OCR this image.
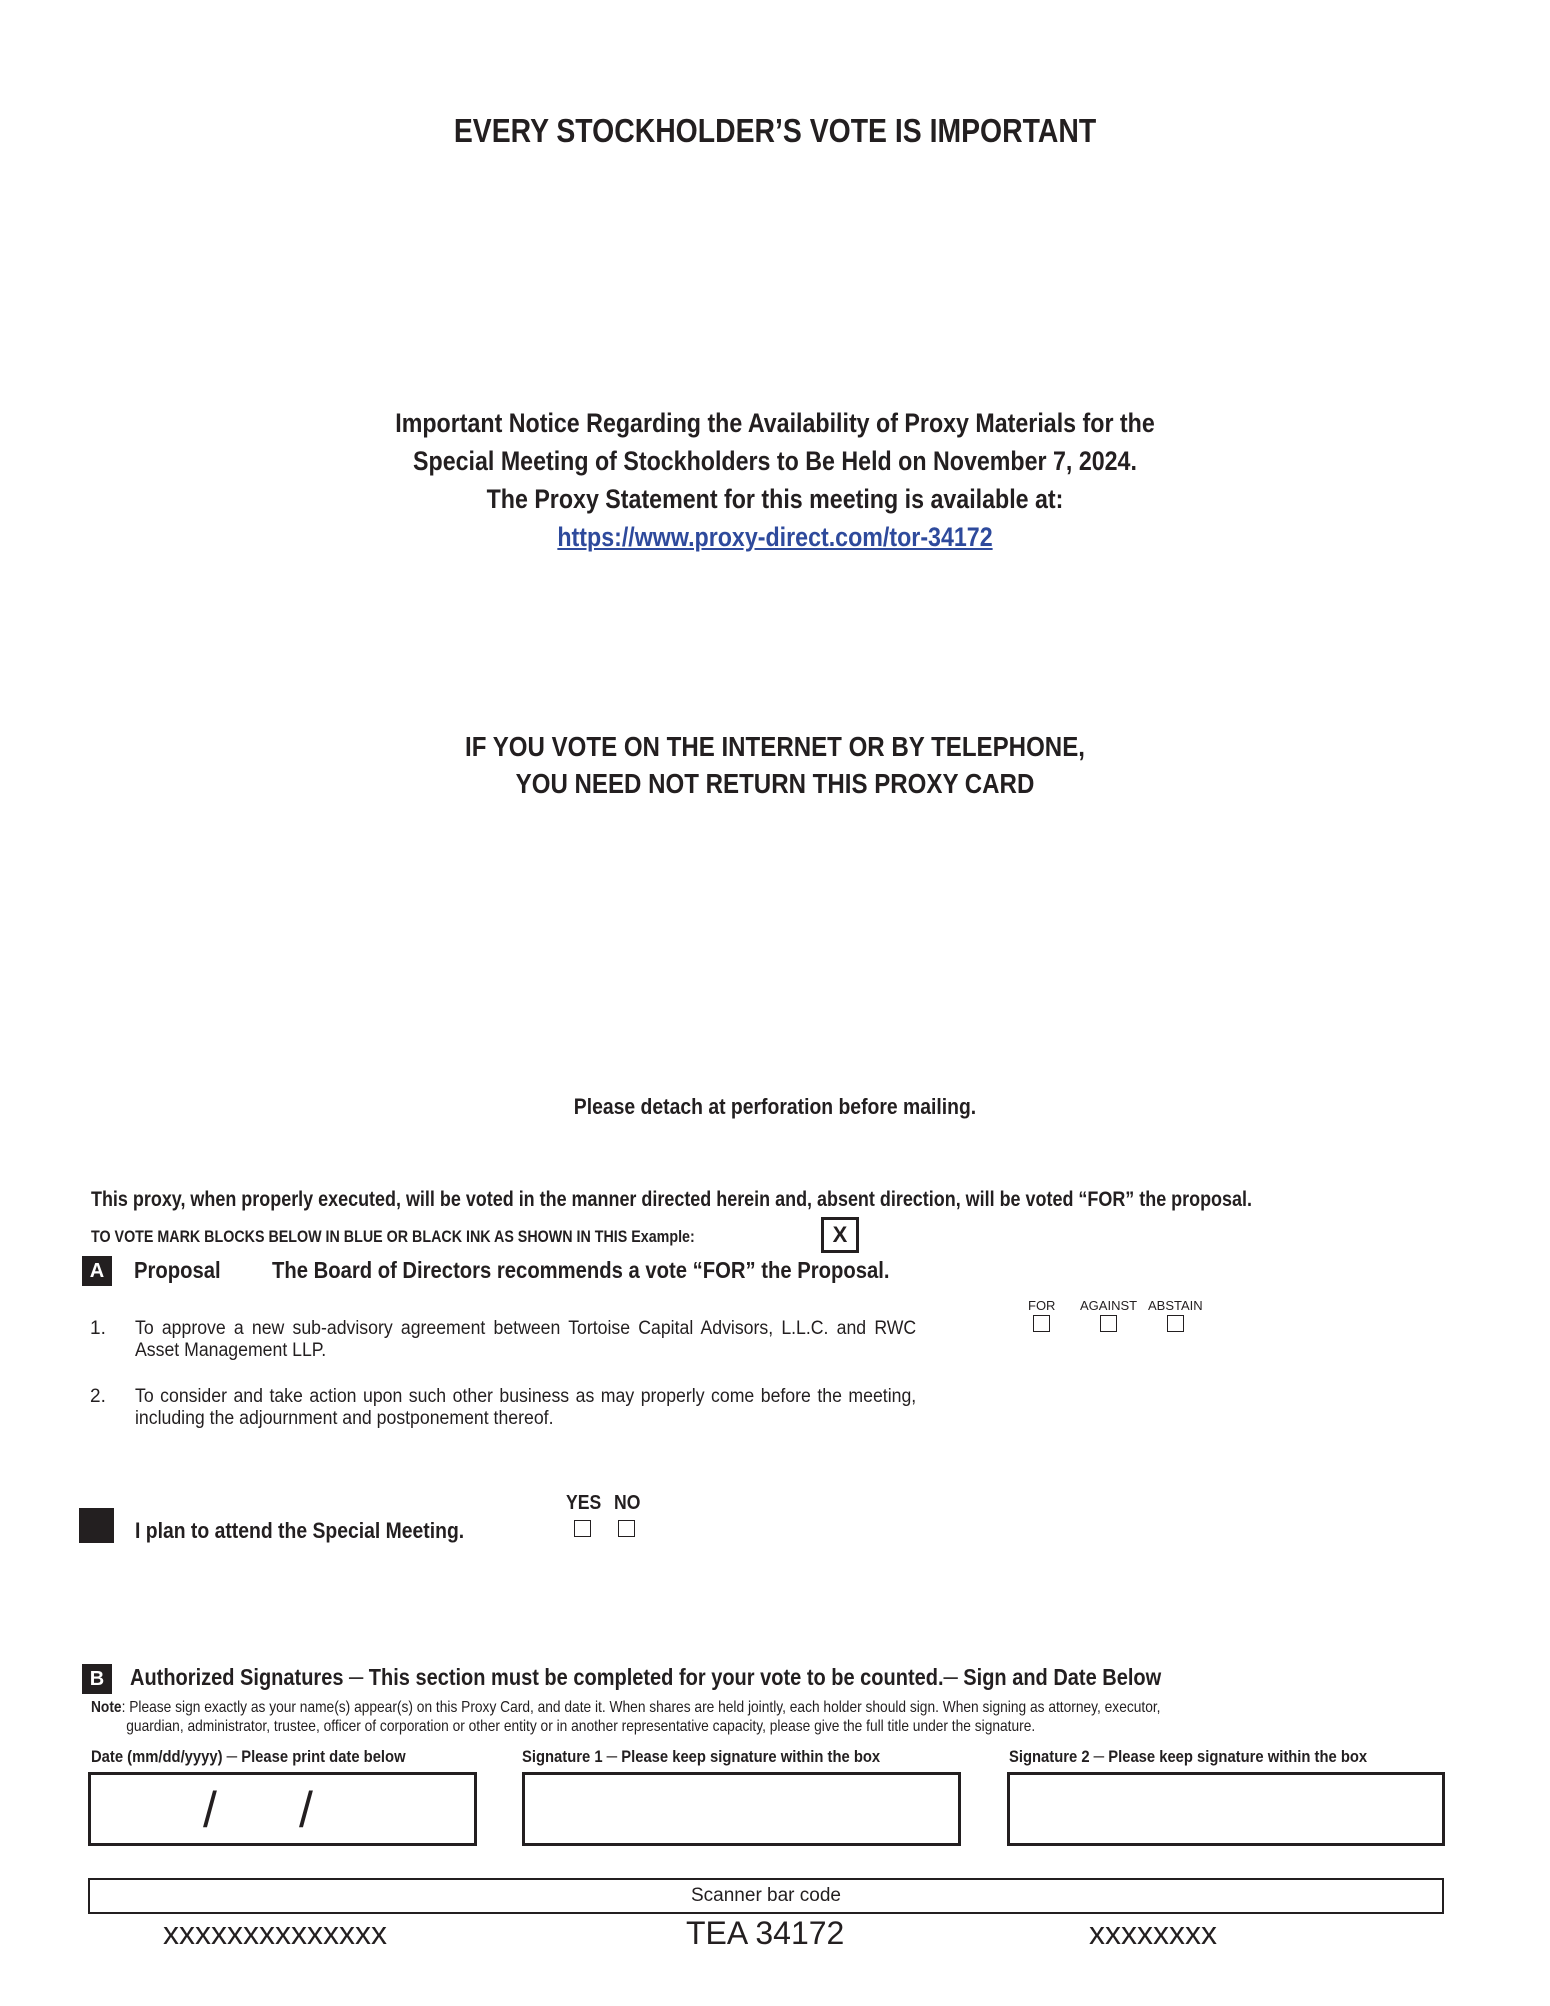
EVERY STOCKHOLDER’S VOTE IS IMPORTANT
Important Notice Regarding the Availability of Proxy Materials for the
Special Meeting of Stockholders to Be Held on November 7, 2024.
The Proxy Statement for this meeting is available at:
https://www.proxy-direct.com/tor-34172
IF YOU VOTE ON THE INTERNET OR BY TELEPHONE,
YOU NEED NOT RETURN THIS PROXY CARD
Please detach at perforation before mailing.
This proxy, when properly executed, will be voted in the manner directed herein and, absent direction, will be voted “FOR” the proposal.
TO VOTE MARK BLOCKS BELOW IN BLUE OR BLACK INK AS SHOWN IN THIS Example:	X
A	Proposal The Board of Directors recommends a vote “FOR” the Proposal.
FOR AGAINST ABSTAIN
1. To approve a new sub-advisory agreement between Tortoise Capital Advisors, L.L.C. and RWC Asset Management LLP.
2. To consider and take action upon such other business as may properly come before the meeting, including the adjournment and postponement thereof.
I plan to attend the Special Meeting.
YES NO
B	Authorized Signatures ─ This section must be completed for your vote to be counted.─ Sign and Date Below
Note: Please sign exactly as your name(s) appear(s) on this Proxy Card, and date it. When shares are held jointly, each holder should sign. When signing as attorney, executor,
guardian, administrator, trustee, officer of corporation or other entity or in another representative capacity, please give the full title under the signature.
Date (mm/dd/yyyy) ─ Please print date below	Signature 1 ─ Please keep signature within the box	Signature 2 ─ Please keep signature within the box
/ /
Scanner bar code
xxxxxxxxxxxxxx	TEA 34172	xxxxxxxx
